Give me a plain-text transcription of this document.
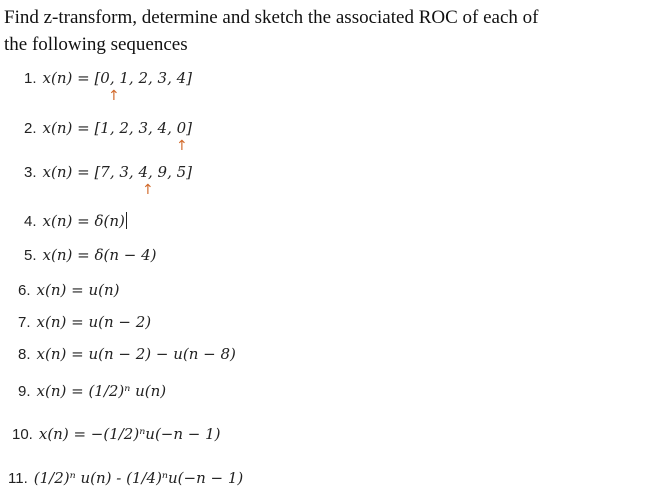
Find z-transform, determine and sketch the associated ROC of each of
the following sequences
1. x(n) = [0, 1, 2, 3, 4]
↑
2. x(n) = [1, 2, 3, 4, 0]
↑
3. x(n) = [7, 3, 4, 9, 5]
↑
4. x(n) = δ(n)
5. x(n) = δ(n − 4)
6. x(n) = u(n)
7. x(n) = u(n − 2)
8. x(n) = u(n − 2) − u(n − 8)
9. x(n) = (1/2)ⁿ u(n)
10. x(n) = −(1/2)ⁿu(−n − 1)
11. (1/2)ⁿ u(n) - (1/4)ⁿu(−n − 1)
